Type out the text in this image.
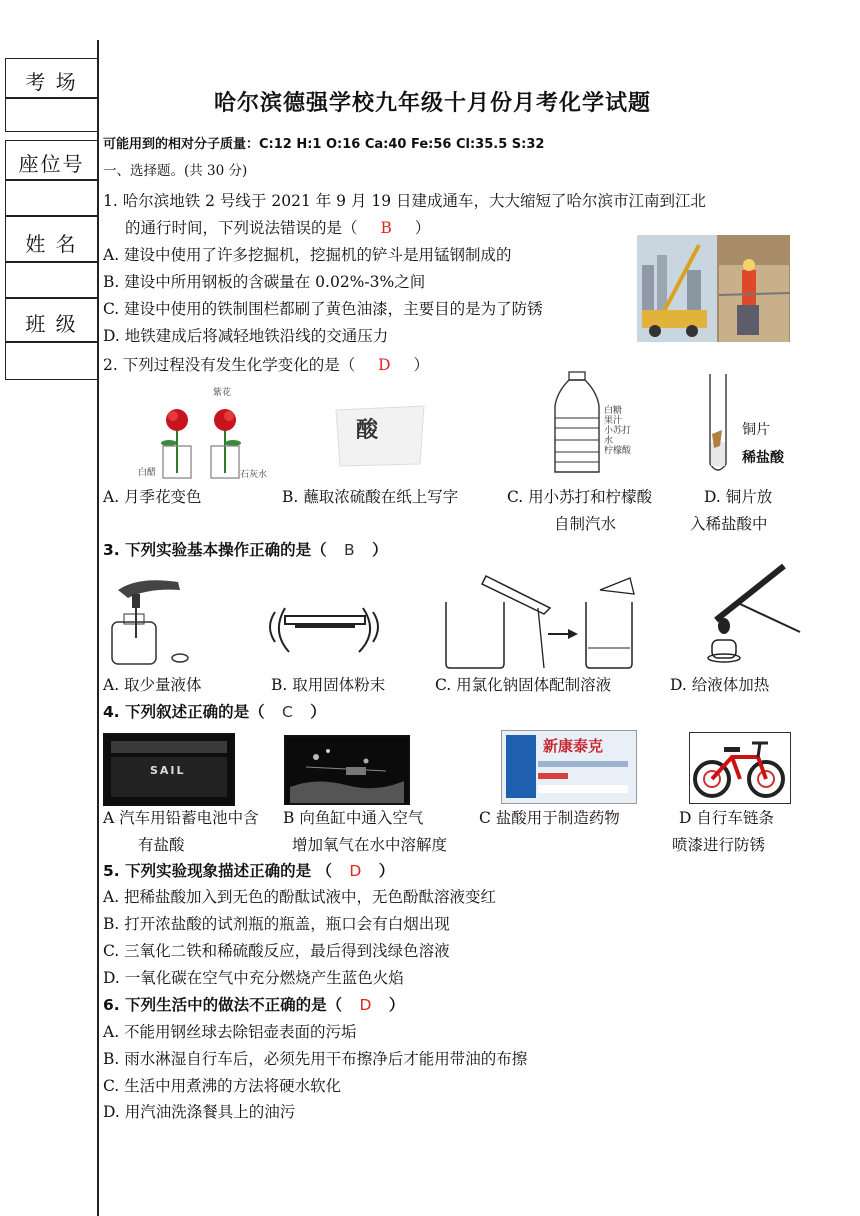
考 场
座位号
姓 名
班 级
哈尔滨德强学校九年级十月份月考化学试题
可能用到的相对分子质量：C:12 H:1 O:16 Ca:40 Fe:56 Cl:35.5 S:32
一、选择题。(共 30 分)
1. 哈尔滨地铁 2 号线于 2021 年 9 月 19 日建成通车，大大缩短了哈尔滨市江南到江北
的通行时间，下列说法错误的是（ B ）
A. 建设中使用了许多挖掘机，挖掘机的铲斗是用锰钢制成的
B. 建设中所用钢板的含碳量在 0.02%-3%之间
C. 建设中使用的铁制围栏都刷了黄色油漆，主要目的是为了防锈
D. 地铁建成后将减轻地铁沿线的交通压力
2. 下列过程没有发生化学变化的是（ D ）
紫花
白醋	石灰水
酸
白糖
果汁
小苏打
水
柠檬酸
铜片
稀盐酸
A. 月季花变色	B. 蘸取浓硫酸在纸上写字	C. 用小苏打和柠檬酸
自制汽水
D. 铜片放
入稀盐酸中
3. 下列实验基本操作正确的是（ B ）
A. 取少量液体	B. 取用固体粉末	C. 用氯化钠固体配制溶液	D. 给液体加热
4. 下列叙述正确的是（ C ）
SAIL
新康泰克
A 汽车用铅蓄电池中含
有盐酸
B 向鱼缸中通入空气
增加氧气在水中溶解度
C 盐酸用于制造药物	D 自行车链条
喷漆进行防锈
5. 下列实验现象描述正确的是 （ D ）
A. 把稀盐酸加入到无色的酚酞试液中，无色酚酞溶液变红
B. 打开浓盐酸的试剂瓶的瓶盖，瓶口会有白烟出现
C. 三氧化二铁和稀硫酸反应，最后得到浅绿色溶液
D. 一氧化碳在空气中充分燃烧产生蓝色火焰
6. 下列生活中的做法不正确的是（ D ）
A. 不能用钢丝球去除铝壶表面的污垢
B. 雨水淋湿自行车后，必须先用干布擦净后才能用带油的布擦
C. 生活中用煮沸的方法将硬水软化
D. 用汽油洗涤餐具上的油污
